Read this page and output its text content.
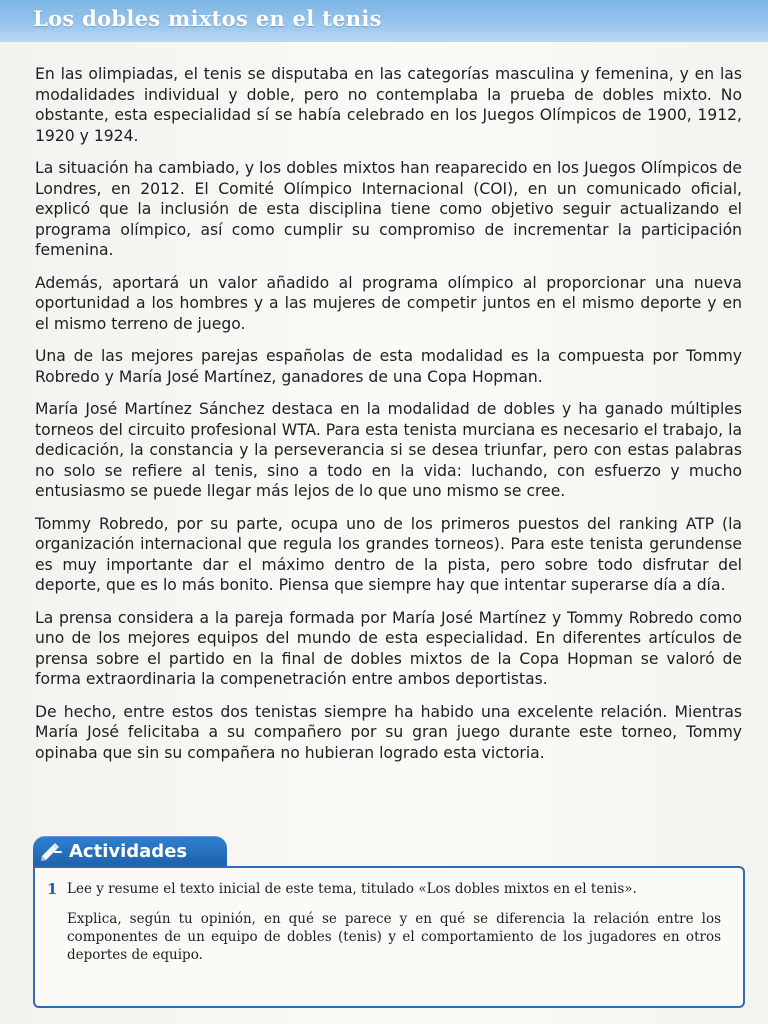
Los dobles mixtos en el tenis

En las olimpiadas, el tenis se disputaba en las categorías masculina y femenina, y en las modalidades individual y doble, pero no contemplaba la prueba de dobles mixto. No obstante, esta especialidad sí se había celebrado en los Juegos Olímpicos de 1900, 1912, 1920 y 1924.

La situación ha cambiado, y los dobles mixtos han reaparecido en los Juegos Olímpicos de Londres, en 2012. El Comité Olímpico Internacional (COI), en un comunicado oficial, explicó que la inclusión de esta disciplina tiene como objetivo seguir actualizando el programa olímpico, así como cumplir su compromiso de incrementar la participación femenina.

Además, aportará un valor añadido al programa olímpico al proporcionar una nueva oportunidad a los hombres y a las mujeres de competir juntos en el mismo deporte y en el mismo terreno de juego.

Una de las mejores parejas españolas de esta modalidad es la compuesta por Tommy Robredo y María José Martínez, ganadores de una Copa Hopman.

María José Martínez Sánchez destaca en la modalidad de dobles y ha ganado múltiples torneos del circuito profesional WTA. Para esta tenista murciana es necesario el trabajo, la dedicación, la constancia y la perseverancia si se desea triunfar, pero con estas palabras no solo se refiere al tenis, sino a todo en la vida: luchando, con esfuerzo y mucho entusiasmo se puede llegar más lejos de lo que uno mismo se cree.

Tommy Robredo, por su parte, ocupa uno de los primeros puestos del ranking ATP (la organización internacional que regula los grandes torneos). Para este tenista gerundense es muy importante dar el máximo dentro de la pista, pero sobre todo disfrutar del deporte, que es lo más bonito. Piensa que siempre hay que intentar superarse día a día.

La prensa considera a la pareja formada por María José Martínez y Tommy Robredo como uno de los mejores equipos del mundo de esta especialidad. En diferentes artículos de prensa sobre el partido en la final de dobles mixtos de la Copa Hopman se valoró de forma extraordinaria la compenetración entre ambos deportistas.

De hecho, entre estos dos tenistas siempre ha habido una excelente relación. Mientras María José felicitaba a su compañero por su gran juego durante este torneo, Tommy opinaba que sin su compañera no hubieran logrado esta victoria.

Actividades
1 Lee y resume el texto inicial de este tema, titulado «Los dobles mixtos en el tenis».

Explica, según tu opinión, en qué se parece y en qué se diferencia la relación entre los componentes de un equipo de dobles (tenis) y el comportamiento de los jugadores en otros deportes de equipo.
